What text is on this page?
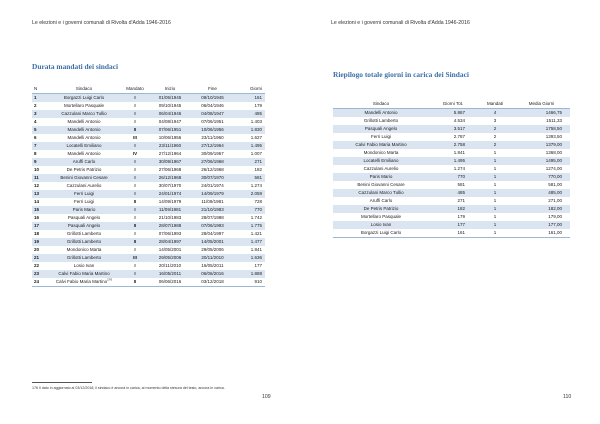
Le elezioni e i governi comunali di Rivolta d'Adda 1946-2016
Durata mandati dei sindaci
N	Sindaco	Mandato	Inizio	Fine	Giorni
1	Borgazzi Luigi Carlo	I	01/05/1945	09/10/1945	161
2	Mortellaro Pasquale	I	09/10/1945	06/04/1946	179
3	Cazzulani Marco Tullio	I	06/04/1946	04/08/1947	485
4	Mandelli Antonio	I	04/08/1947	07/06/1951	1.403
5	Mandelli Antonio	II	07/06/1951	10/06/1956	1.830
6	Mandelli Antonio	III	10/06/1956	23/11/1960	1.627
7	Locatelli Emiliano	I	23/11/1960	27/12/1964	1.495
8	Mandelli Antonio	IV	27/12/1964	30/09/1967	1.007
9	Aruffi Carlo	I	30/09/1967	27/06/1968	271
10	De Petris Patrizio	I	27/06/1968	26/12/1968	182
11	Benini Giovanni Cesare	I	26/12/1968	30/07/1970	581
12	Cazzulani Aurelio	I	30/07/1970	24/01/1974	1.274
13	Ferri Luigi	I	24/01/1974	14/09/1979	2.059
14	Ferri Luigi	II	14/09/1979	11/09/1981	728
15	Paris Mario	I	11/09/1981	21/10/1983	770
16	Pasquali Angelo	I	21/10/1983	28/07/1988	1.742
17	Pasquali Angelo	II	28/07/1988	07/06/1993	1.775
18	Grillotti Lamberto	I	07/06/1993	28/04/1997	1.421
19	Grillotti Lamberto	II	28/04/1997	14/05/2001	1.477
20	Mondonico Marta	I	14/05/2001	29/05/2006	1.841
21	Grillotti Lamberto	III	29/05/2006	20/11/2010	1.636
22	Losio Ivan	I	20/11/2010	16/05/2011	177
23	Calvi Fabio Maria Martino	I	16/05/2011	06/06/2016	1.888
24	Calvi Fabio Maria Martino$^{176}$	II	06/06/2016	03/12/2018	910
176 Il dato in aggiornato al 03/12/2018, il sindaco è ancora in carica, al momento della stesura del testo, ancora in carica.
109
Le elezioni e i governi comunali di Rivolta d'Adda 1946-2016
Riepilogo totale giorni in carica dei Sindaci
Sindaco	Giorni Tot.	Mandati	Media Giorni
Mandelli Antonio	5.867	4	1466,75
Grillotti Lamberto	4.534	3	1511,33
Pasquali Angelo	3.517	2	1758,50
Ferri Luigi	2.787	2	1393,50
Calvi Fabio Maria Martino	2.758	2	1379,00
Mondonico Marta	1.841	1	1368,00
Locatelli Emiliano	1.495	1	1495,00
Cazzulani Aurelio	1.274	1	1274,00
Paris Mario	770	1	770,00
Benini Giovanni Cesare	581	1	581,00
Cazzulani Marco Tullio	485	1	485,00
Aruffi Carlo	271	1	271,00
De Petris Patrizio	182	1	182,00
Mortellaro Pasquale	179	1	179,00
Losio Ivan	177	1	177,00
Borgazzi Luigi Carlo	161	1	161,00
110
